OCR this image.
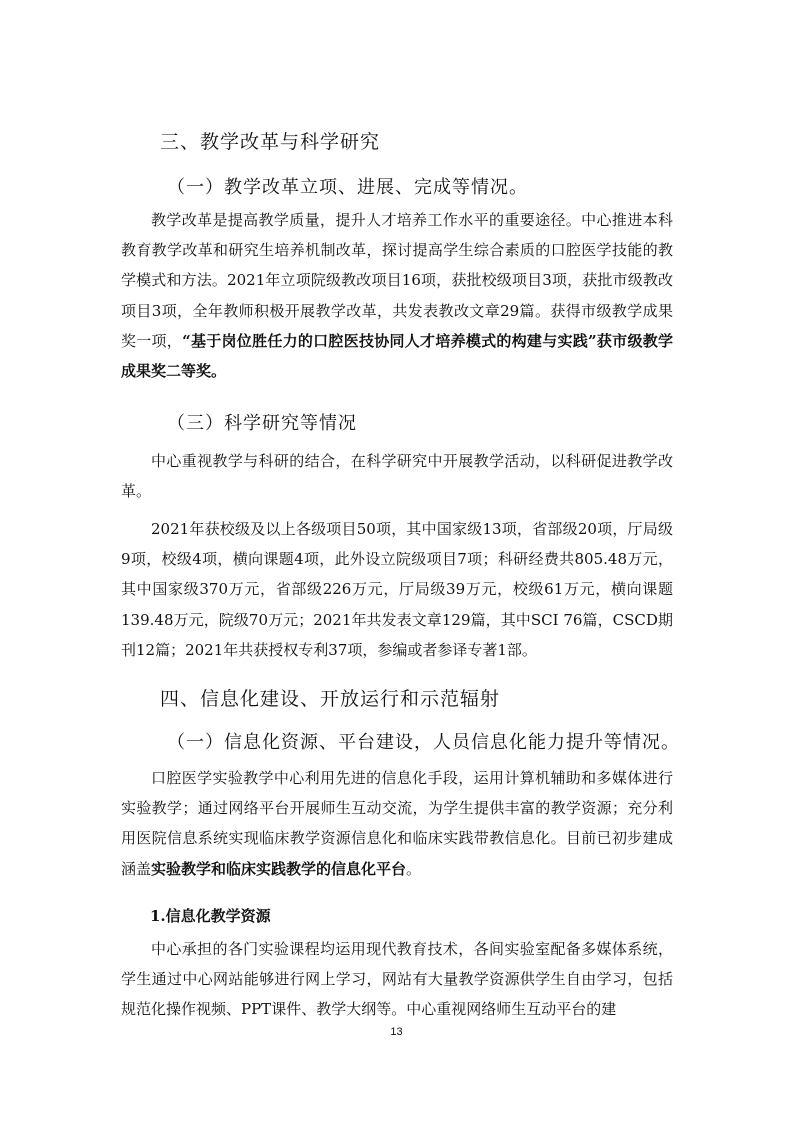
三、教学改革与科学研究
（一）教学改革立项、进展、完成等情况。

教学改革是提高教学质量，提升人才培养工作水平的重要途径。中心推进本科教育教学改革和研究生培养机制改革，探讨提高学生综合素质的口腔医学技能的教学模式和方法。2021年立项院级教改项目16项，获批校级项目3项，获批市级教改项目3项，全年教师积极开展教学改革，共发表教改文章29篇。获得市级教学成果奖一项，“基于岗位胜任力的口腔医技协同人才培养模式的构建与实践”获市级教学成果奖二等奖。

（三）科学研究等情况

中心重视教学与科研的结合，在科学研究中开展教学活动，以科研促进教学改革。

2021年获校级及以上各级项目50项，其中国家级13项，省部级20项，厅局级9项，校级4项，横向课题4项，此外设立院级项目7项；科研经费共805.48万元，其中国家级370万元，省部级226万元，厅局级39万元，校级61万元，横向课题139.48万元，院级70万元；2021年共发表文章129篇，其中SCI 76篇，CSCD期刊12篇；2021年共获授权专利37项，参编或者参译专著1部。

四、信息化建设、开放运行和示范辐射
（一）信息化资源、平台建设，人员信息化能力提升等情况。

口腔医学实验教学中心利用先进的信息化手段，运用计算机辅助和多媒体进行实验教学；通过网络平台开展师生互动交流，为学生提供丰富的教学资源；充分利用医院信息系统实现临床教学资源信息化和临床实践带教信息化。目前已初步建成涵盖实验教学和临床实践教学的信息化平台。

1.信息化教学资源

中心承担的各门实验课程均运用现代教育技术，各间实验室配备多媒体系统，学生通过中心网站能够进行网上学习，网站有大量教学资源供学生自由学习，包括规范化操作视频、PPT课件、教学大纲等。中心重视网络师生互动平台的建

13
